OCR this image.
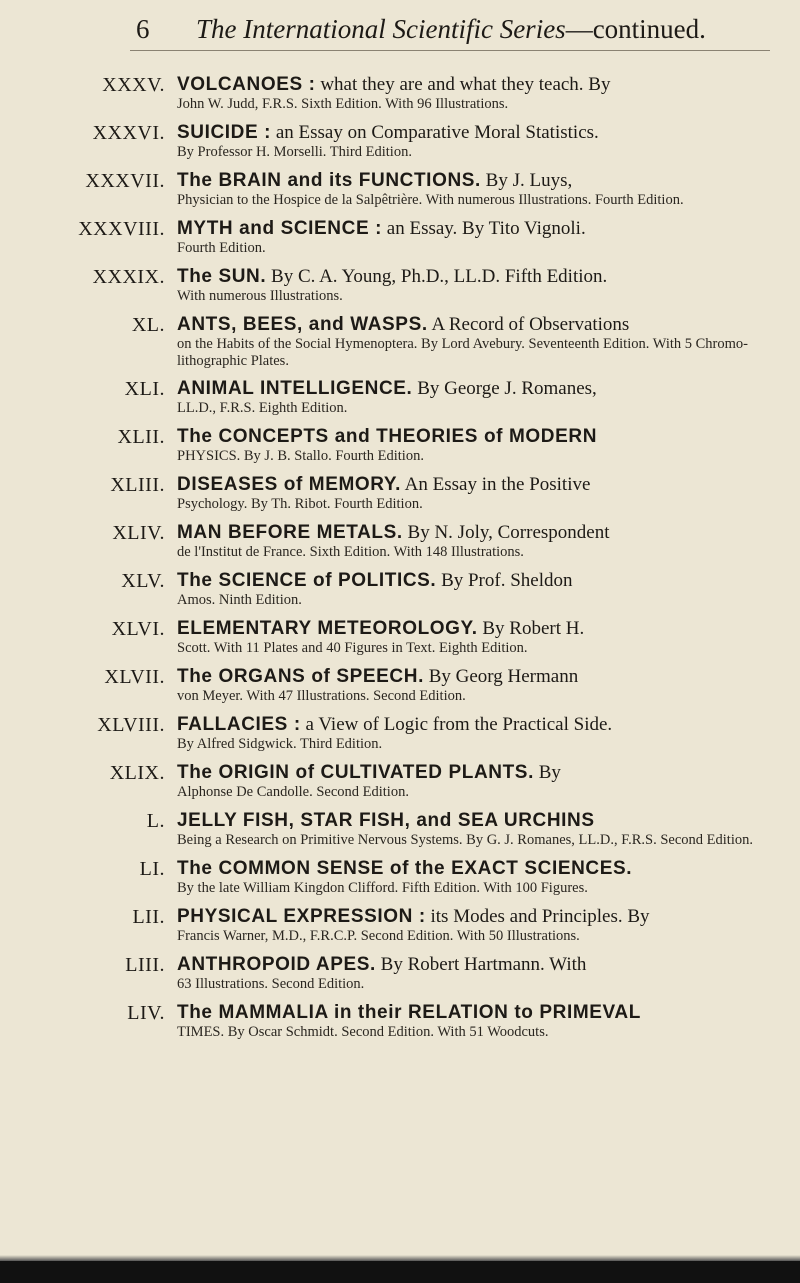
6 The International Scientific Series—continued.
XXXV. VOLCANOES : what they are and what they teach. By
John W. Judd, F.R.S. Sixth Edition. With 96 Illustrations.
XXXVI. SUICIDE : an Essay on Comparative Moral Statistics.
By Professor H. Morselli. Third Edition.
XXXVII. The BRAIN and its FUNCTIONS. By J. Luys,
Physician to the Hospice de la Salpêtrière. With numerous Illustrations. Fourth Edition.
XXXVIII. MYTH and SCIENCE : an Essay. By Tito Vignoli.
Fourth Edition.
XXXIX. The SUN. By C. A. Young, Ph.D., LL.D. Fifth Edition.
With numerous Illustrations.
XL. ANTS, BEES, and WASPS. A Record of Observations
on the Habits of the Social Hymenoptera. By Lord Avebury. Seventeenth Edition. With 5 Chromo-lithographic Plates.
XLI. ANIMAL INTELLIGENCE. By George J. Romanes,
LL.D., F.R.S. Eighth Edition.
XLII. The CONCEPTS and THEORIES of MODERN
PHYSICS. By J. B. Stallo. Fourth Edition.
XLIII. DISEASES of MEMORY. An Essay in the Positive
Psychology. By Th. Ribot. Fourth Edition.
XLIV. MAN BEFORE METALS. By N. Joly, Correspondent
de l'Institut de France. Sixth Edition. With 148 Illustrations.
XLV. The SCIENCE of POLITICS. By Prof. Sheldon
Amos. Ninth Edition.
XLVI. ELEMENTARY METEOROLOGY. By Robert H.
Scott. With 11 Plates and 40 Figures in Text. Eighth Edition.
XLVII. The ORGANS of SPEECH. By Georg Hermann
von Meyer. With 47 Illustrations. Second Edition.
XLVIII. FALLACIES : a View of Logic from the Practical Side.
By Alfred Sidgwick. Third Edition.
XLIX. The ORIGIN of CULTIVATED PLANTS. By
Alphonse De Candolle. Second Edition.
L. JELLY FISH, STAR FISH, and SEA URCHINS
Being a Research on Primitive Nervous Systems. By G. J. Romanes, LL.D., F.R.S. Second Edition.
LI. The COMMON SENSE of the EXACT SCIENCES.
By the late William Kingdon Clifford. Fifth Edition. With 100 Figures.
LII. PHYSICAL EXPRESSION : its Modes and Principles. By
Francis Warner, M.D., F.R.C.P. Second Edition. With 50 Illustrations.
LIII. ANTHROPOID APES. By Robert Hartmann. With
63 Illustrations. Second Edition.
LIV. The MAMMALIA in their RELATION to PRIMEVAL
TIMES. By Oscar Schmidt. Second Edition. With 51 Woodcuts.
